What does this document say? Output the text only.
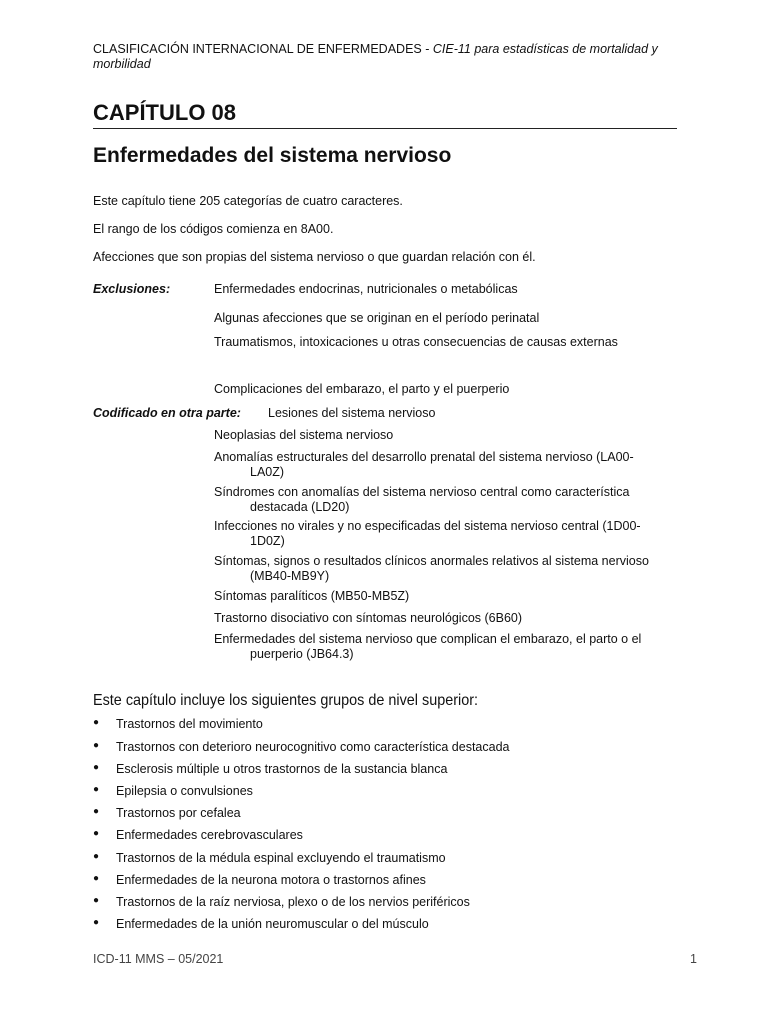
CLASIFICACIÓN INTERNACIONAL DE ENFERMEDADES - CIE-11 para estadísticas de mortalidad y morbilidad
CAPÍTULO 08
Enfermedades del sistema nervioso
Este capítulo tiene 205 categorías de cuatro caracteres.
El rango de los códigos comienza en 8A00.
Afecciones que son propias del sistema nervioso o que guardan relación con él.
Exclusiones:	Enfermedades endocrinas, nutricionales o metabólicas
Algunas afecciones que se originan en el período perinatal
Traumatismos, intoxicaciones u otras consecuencias de causas externas
Complicaciones del embarazo, el parto y el puerperio
Codificado en otra parte: Lesiones del sistema nervioso
Neoplasias del sistema nervioso
Anomalías estructurales del desarrollo prenatal del sistema nervioso (LA00-
LA0Z)
Síndromes con anomalías del sistema nervioso central como característica
destacada (LD20)
Infecciones no virales y no especificadas del sistema nervioso central (1D00-
1D0Z)
Síntomas, signos o resultados clínicos anormales relativos al sistema nervioso
(MB40-MB9Y)
Síntomas paralíticos (MB50-MB5Z)
Trastorno disociativo con síntomas neurológicos (6B60)
Enfermedades del sistema nervioso que complican el embarazo, el parto o el
puerperio (JB64.3)
Este capítulo incluye los siguientes grupos de nivel superior:
● Trastornos del movimiento
● Trastornos con deterioro neurocognitivo como característica destacada
● Esclerosis múltiple u otros trastornos de la sustancia blanca
● Epilepsia o convulsiones
● Trastornos por cefalea
● Enfermedades cerebrovasculares
● Trastornos de la médula espinal excluyendo el traumatismo
● Enfermedades de la neurona motora o trastornos afines
● Trastornos de la raíz nerviosa, plexo o de los nervios periféricos
● Enfermedades de la unión neuromuscular o del músculo
ICD-11 MMS – 05/2021	1
